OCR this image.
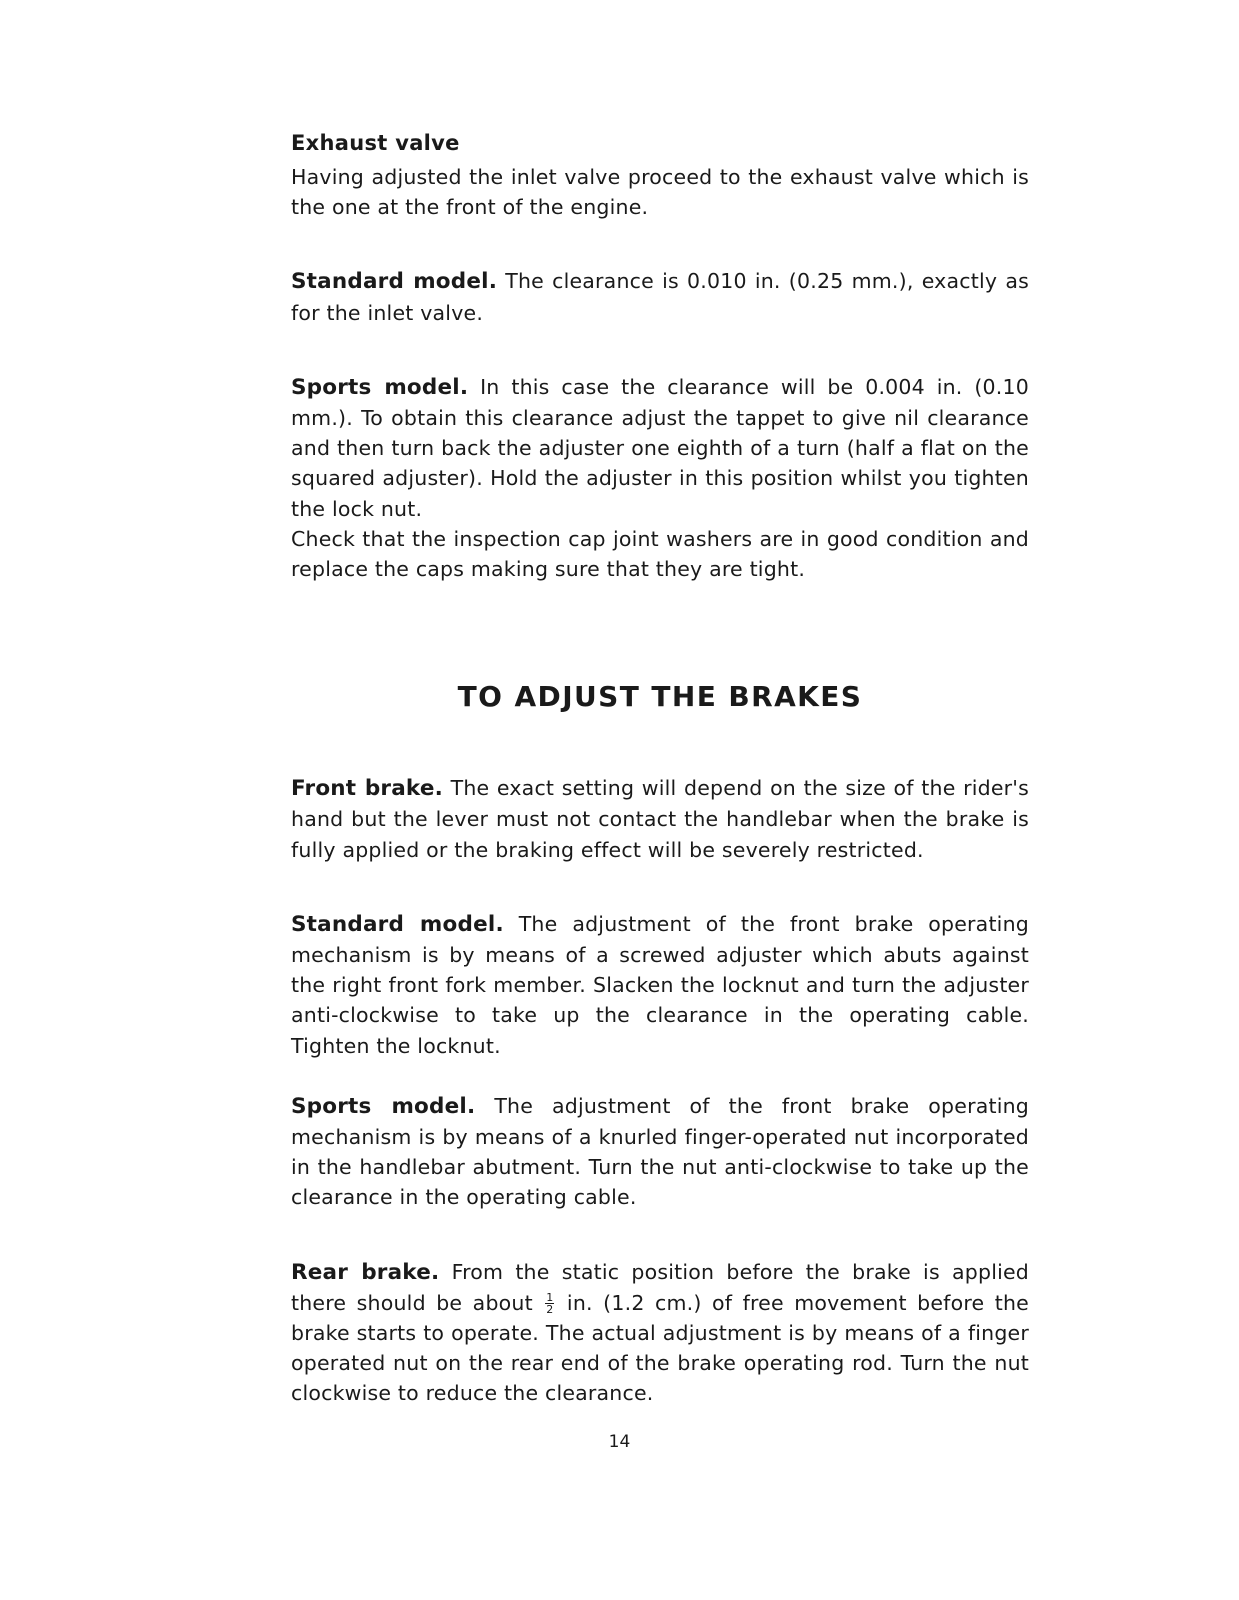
Exhaust valve

Having adjusted the inlet valve proceed to the exhaust valve which is the one at the front of the engine.

Standard model. The clearance is 0.010 in. (0.25 mm.), exactly as for the inlet valve.

Sports model. In this case the clearance will be 0.004 in. (0.10 mm.). To obtain this clearance adjust the tappet to give nil clearance and then turn back the adjuster one eighth of a turn (half a flat on the squared adjuster). Hold the adjuster in this position whilst you tighten the lock nut.

Check that the inspection cap joint washers are in good condition and replace the caps making sure that they are tight.

TO ADJUST THE BRAKES

Front brake. The exact setting will depend on the size of the rider's hand but the lever must not contact the handlebar when the brake is fully applied or the braking effect will be severely restricted.

Standard model. The adjustment of the front brake operating mechanism is by means of a screwed adjuster which abuts against the right front fork member. Slacken the locknut and turn the adjuster anti-clockwise to take up the clearance in the operating cable. Tighten the locknut.

Sports model. The adjustment of the front brake operating mechanism is by means of a knurled finger-operated nut incorporated in the handlebar abutment. Turn the nut anti-clockwise to take up the clearance in the operating cable.

Rear brake. From the static position before the brake is applied there should be about $\frac{1}{2}$ in. (1.2 cm.) of free movement before the brake starts to operate. The actual adjustment is by means of a finger operated nut on the rear end of the brake operating rod. Turn the nut clockwise to reduce the clearance.

14
